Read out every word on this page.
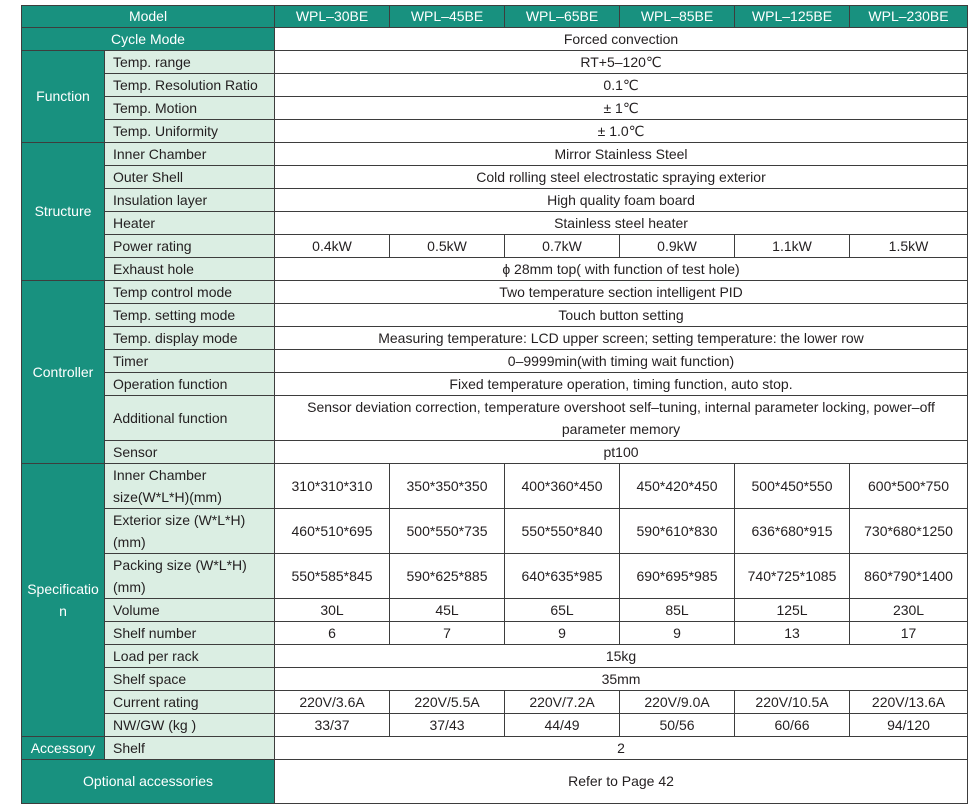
Model		WPL–30BE	WPL–45BE	WPL–65BE	WPL–85BE	WPL–125BE	WPL–230BE
Cycle Mode		Forced convection					
Function	Temp. range	RT+5–120℃					
	Temp. Resolution Ratio	0.1℃					
	Temp. Motion	± 1℃					
	Temp. Uniformity	± 1.0℃					
Structure	Inner Chamber	Mirror Stainless Steel					
	Outer Shell	Cold rolling steel electrostatic spraying exterior					
	Insulation layer	High quality foam board					
	Heater	Stainless steel heater					
	Power rating	0.4kW	0.5kW	0.7kW	0.9kW	1.1kW	1.5kW
	Exhaust hole	ϕ 28mm top( with function of test hole)					
Controller	Temp control mode	Two temperature section intelligent PID					
	Temp. setting mode	Touch button setting					
	Temp. display mode	Measuring temperature: LCD upper screen; setting temperature: the lower row					
	Timer	0–9999min(with timing wait function)					
	Operation function	Fixed temperature operation, timing function, auto stop.					
	Additional function	Sensor deviation correction, temperature overshoot self–tuning, internal parameter locking, power–off parameter memory					
	Sensor	pt100					
Specification	Inner Chamber size(W*L*H)(mm)	310*310*310	350*350*350	400*360*450	450*420*450	500*450*550	600*500*750
	Exterior size (W*L*H)(mm)	460*510*695	500*550*735	550*550*840	590*610*830	636*680*915	730*680*1250
	Packing size (W*L*H)(mm)	550*585*845	590*625*885	640*635*985	690*695*985	740*725*1085	860*790*1400
	Volume	30L	45L	65L	85L	125L	230L
	Shelf number	6	7	9	9	13	17
	Load per rack	15kg					
	Shelf space	35mm					
	Current rating	220V/3.6A	220V/5.5A	220V/7.2A	220V/9.0A	220V/10.5A	220V/13.6A
	NW/GW (kg )	33/37	37/43	44/49	50/56	60/66	94/120
Accessory	Shelf	2					
Optional accessories		Refer to Page 42					
